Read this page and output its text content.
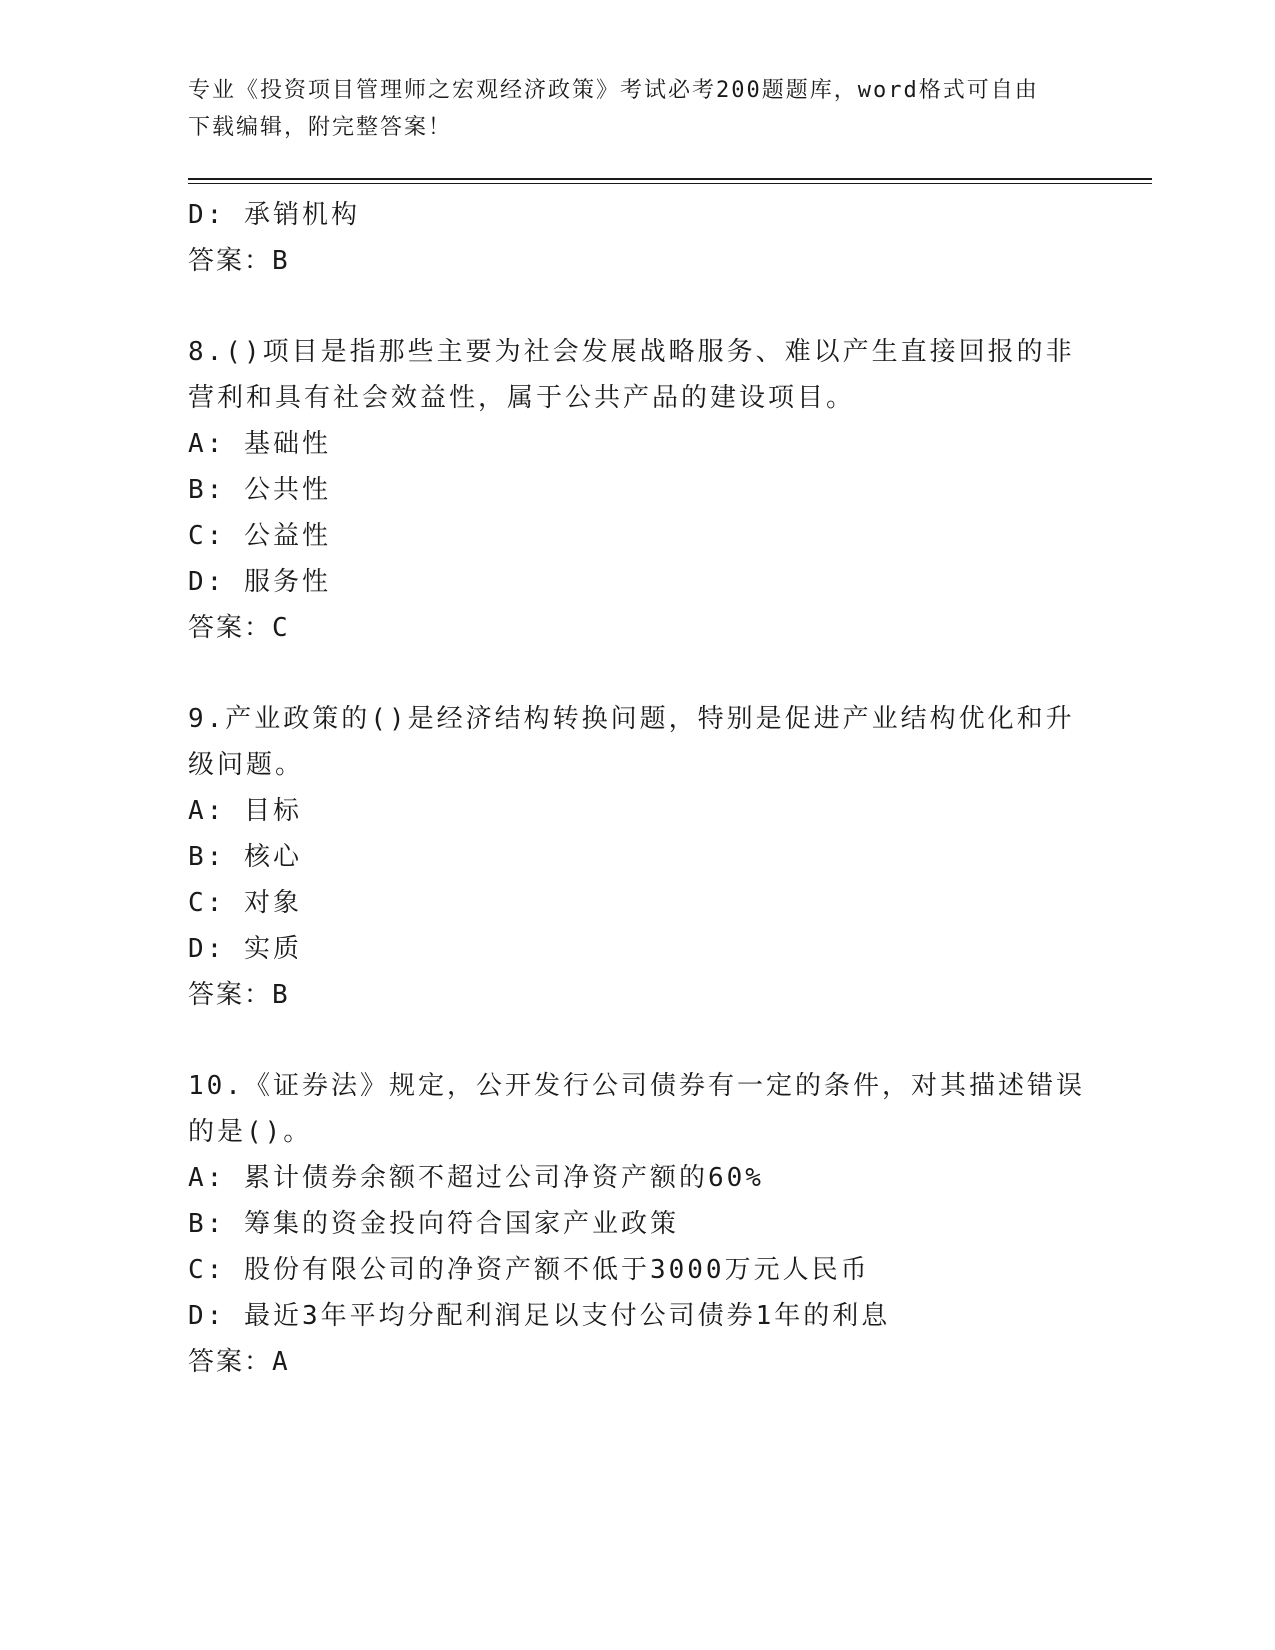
专业《投资项目管理师之宏观经济政策》考试必考200题题库，word格式可自由
下载编辑，附完整答案！
D: 承销机构
答案：B
8.()项目是指那些主要为社会发展战略服务、难以产生直接回报的非
营利和具有社会效益性，属于公共产品的建设项目。
A: 基础性
B: 公共性
C: 公益性
D: 服务性
答案：C
9.产业政策的()是经济结构转换问题，特别是促进产业结构优化和升
级问题。
A: 目标
B: 核心
C: 对象
D: 实质
答案：B
10.《证券法》规定，公开发行公司债券有一定的条件，对其描述错误
的是()。
A: 累计债券余额不超过公司净资产额的60%
B: 筹集的资金投向符合国家产业政策
C: 股份有限公司的净资产额不低于3000万元人民币
D: 最近3年平均分配利润足以支付公司债券1年的利息
答案：A
